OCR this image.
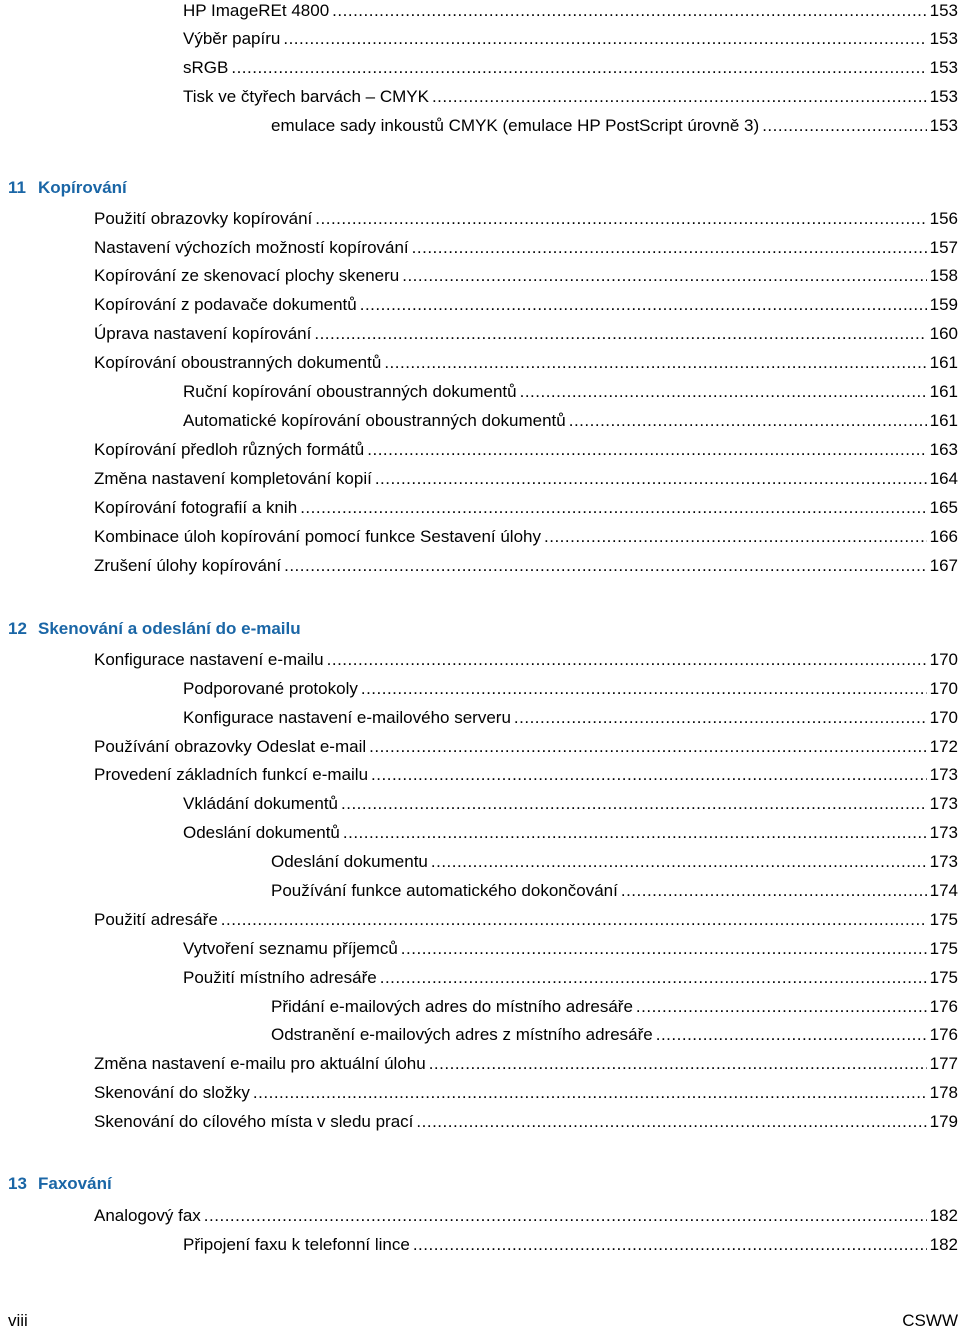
HP ImageREt 4800 .....	153
Výběr papíru .....	153
sRGB .....	153
Tisk ve čtyřech barvách – CMYK .....	153
emulace sady inkoustů CMYK (emulace HP PostScript úrovně 3) .....	153
11 Kopírování
Použití obrazovky kopírování .....	156
Nastavení výchozích možností kopírování .....	157
Kopírování ze skenovací plochy skeneru .....	158
Kopírování z podavače dokumentů .....	159
Úprava nastavení kopírování .....	160
Kopírování oboustranných dokumentů .....	161
Ruční kopírování oboustranných dokumentů .....	161
Automatické kopírování oboustranných dokumentů .....	161
Kopírování předloh různých formátů .....	163
Změna nastavení kompletování kopií .....	164
Kopírování fotografií a knih .....	165
Kombinace úloh kopírování pomocí funkce Sestavení úlohy .....	166
Zrušení úlohy kopírování .....	167
12 Skenování a odeslání do e-mailu
Konfigurace nastavení e-mailu .....	170
Podporované protokoly .....	170
Konfigurace nastavení e-mailového serveru .....	170
Používání obrazovky Odeslat e-mail .....	172
Provedení základních funkcí e-mailu .....	173
Vkládání dokumentů .....	173
Odeslání dokumentů .....	173
Odeslání dokumentu .....	173
Používání funkce automatického dokončování .....	174
Použití adresáře .....	175
Vytvoření seznamu příjemců .....	175
Použití místního adresáře .....	175
Přidání e-mailových adres do místního adresáře .....	176
Odstranění e-mailových adres z místního adresáře .....	176
Změna nastavení e-mailu pro aktuální úlohu .....	177
Skenování do složky .....	178
Skenování do cílového místa v sledu prací .....	179
13 Faxování
Analogový fax .....	182
Připojení faxu k telefonní lince .....	182
viii	CSWW
